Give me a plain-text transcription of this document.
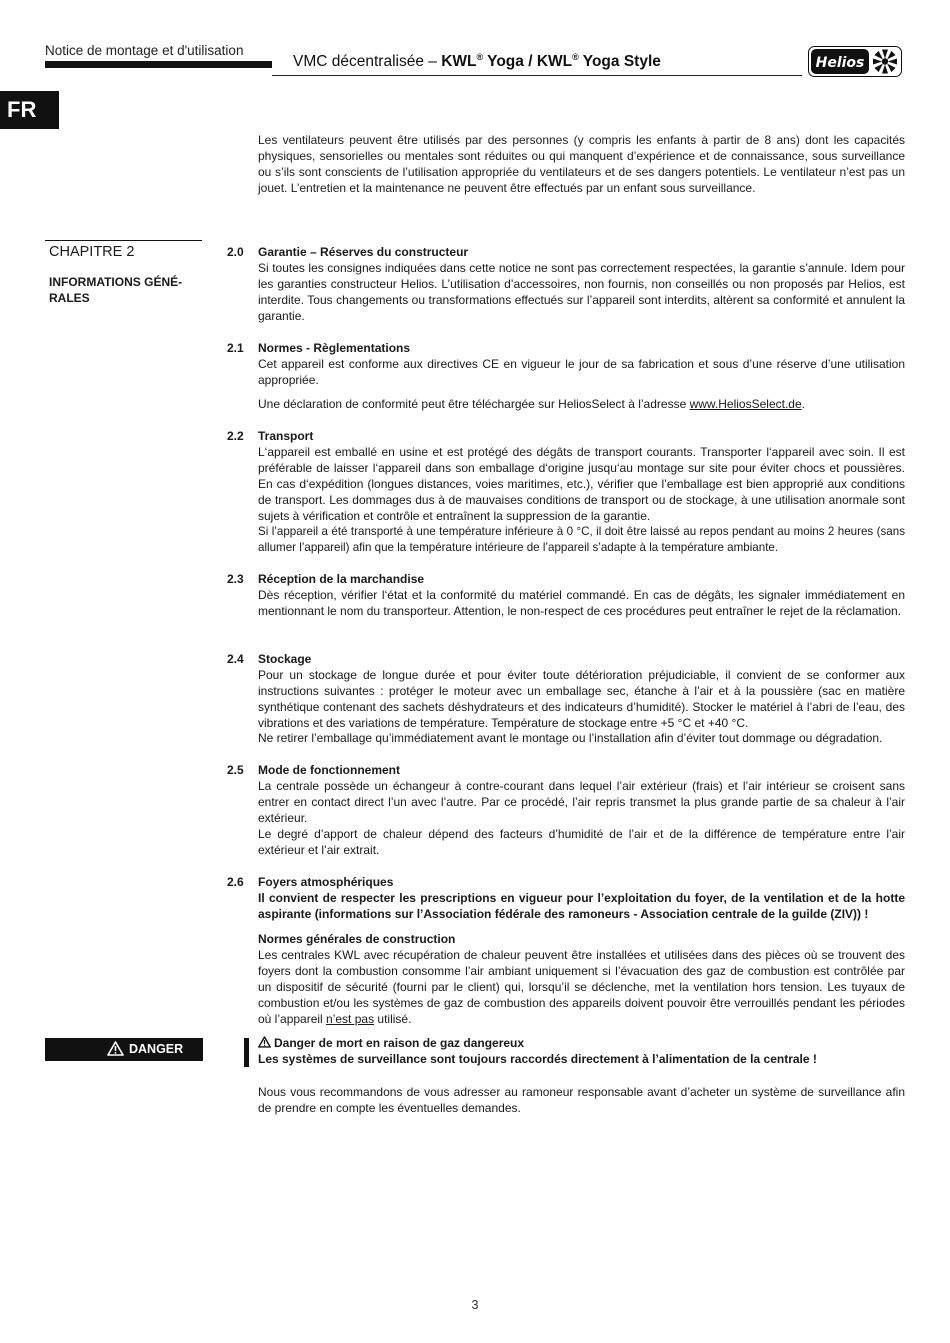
Notice de montage et d'utilisation
VMC décentralisée – KWL® Yoga / KWL® Yoga Style	Helios
FR
Les ventilateurs peuvent être utilisés par des personnes (y compris les enfants à partir de 8 ans) dont les capacités physiques, sensorielles ou mentales sont réduites ou qui manquent d’expérience et de connaissance, sous surveillance ou s’ils sont conscients de l’utilisation appropriée du ventilateurs et de ses dangers potentiels. Le ventilateur n’est pas un jouet. L’entretien et la maintenance ne peuvent être effectués par un enfant sous surveillance.
CHAPITRE 2
INFORMATIONS GÉNÉ-RALES
2.0 Garantie – Réserves du constructeur
Si toutes les consignes indiquées dans cette notice ne sont pas correctement respectées, la garantie s’annule. Idem pour les garanties constructeur Helios. L’utilisation d’accessoires, non fournis, non conseillés ou non proposés par Helios, est interdite. Tous changements ou transformations effectués sur l’appareil sont interdits, altèrent sa conformité et annulent la garantie.
2.1 Normes - Règlementations
Cet appareil est conforme aux directives CE en vigueur le jour de sa fabrication et sous d’une réserve d’une utilisation appropriée.
Une déclaration de conformité peut être téléchargée sur HeliosSelect à l’adresse www.HeliosSelect.de.
2.2 Transport
L‘appareil est emballé en usine et est protégé des dégâts de transport courants. Transporter l‘appareil avec soin. Il est préférable de laisser l‘appareil dans son emballage d‘origine jusqu‘au montage sur site pour éviter chocs et poussières. En cas d‘expédition (longues distances, voies maritimes, etc.), vérifier que l’emballage est bien approprié aux conditions de transport. Les dommages dus à de mauvaises conditions de transport ou de stockage, à une utilisation anormale sont sujets à vérification et contrôle et entraînent la suppression de la garantie.
Si l’appareil a été transporté à une température inférieure à 0 °C, il doit être laissé au repos pendant au moins 2 heures (sans allumer l’appareil) afin que la température intérieure de l’appareil s’adapte à la température ambiante.
2.3 Réception de la marchandise
Dès réception, vérifier l‘état et la conformité du matériel commandé. En cas de dégâts, les signaler immédiatement en mentionnant le nom du transporteur. Attention, le non-respect de ces procédures peut entraîner le rejet de la réclamation.
2.4 Stockage
Pour un stockage de longue durée et pour éviter toute détérioration préjudiciable, il convient de se conformer aux instructions suivantes : protéger le moteur avec un emballage sec, étanche à l’air et à la poussière (sac en matière synthétique contenant des sachets déshydrateurs et des indicateurs d’humidité). Stocker le matériel à l’abri de l’eau, des vibrations et des variations de température. Température de stockage entre +5 °C et +40 °C.
Ne retirer l’emballage qu’immédiatement avant le montage ou l’installation afin d’éviter tout dommage ou dégradation.
2.5 Mode de fonctionnement
La centrale possède un échangeur à contre-courant dans lequel l’air extérieur (frais) et l’air intérieur se croisent sans entrer en contact direct l’un avec l’autre. Par ce procédé, l’air repris transmet la plus grande partie de sa chaleur à l’air extérieur.
Le degré d’apport de chaleur dépend des facteurs d’humidité de l’air et de la différence de température entre l’air extérieur et l’air extrait.
2.6 Foyers atmosphériques
Il convient de respecter les prescriptions en vigueur pour l’exploitation du foyer, de la ventilation et de la hotte aspirante (informations sur l’Association fédérale des ramoneurs - Association centrale de la guilde (ZIV)) !
Normes générales de construction
Les centrales KWL avec récupération de chaleur peuvent être installées et utilisées dans des pièces où se trouvent des foyers dont la combustion consomme l’air ambiant uniquement si l’évacuation des gaz de combustion est contrôlée par un dispositif de sécurité (fourni par le client) qui, lorsqu’il se déclenche, met la ventilation hors tension. Les tuyaux de combustion et/ou les systèmes de gaz de combustion des appareils doivent pouvoir être verrouillés pendant les périodes où l’appareil n’est pas utilisé.
DANGER	Danger de mort en raison de gaz dangereux
Les systèmes de surveillance sont toujours raccordés directement à l’alimentation de la centrale !
Nous vous recommandons de vous adresser au ramoneur responsable avant d’acheter un système de surveillance afin de prendre en compte les éventuelles demandes.
3
